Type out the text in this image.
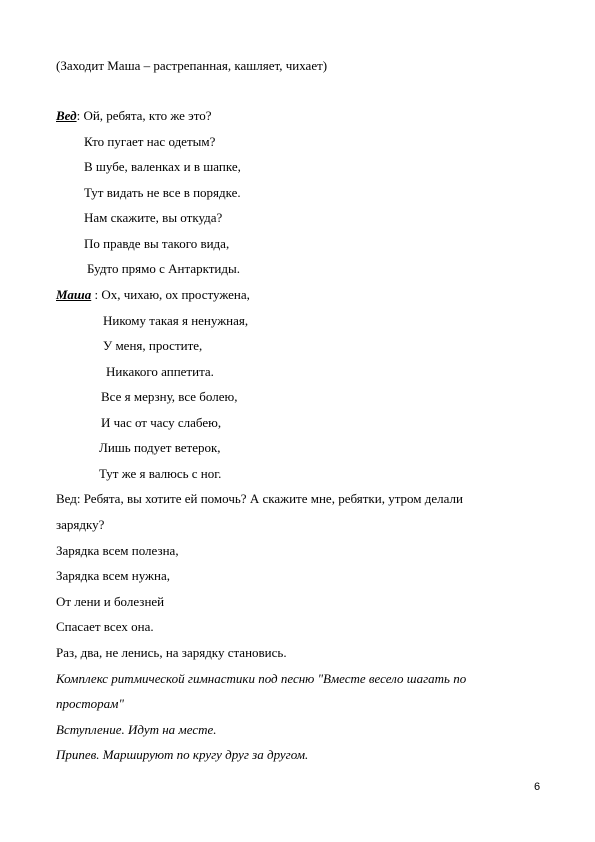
(Заходит Маша – растрепанная, кашляет, чихает)
Вед: Ой, ребята, кто же это?
Кто пугает нас одетым?
В шубе, валенках и в шапке,
Тут видать не все в порядке.
Нам скажите, вы откуда?
По правде вы такого вида,
Будто прямо с Антарктиды.
Маша : Ох, чихаю, ох простужена,
Никому такая я ненужная,
У меня, простите,
Никакого аппетита.
Все я мерзну, все болею,
И час от часу слабею,
Лишь подует ветерок,
Тут же я валюсь с ног.
Вед: Ребята, вы хотите ей помочь? А скажите мне, ребятки, утром делали
зарядку?
Зарядка всем полезна,
Зарядка всем нужна,
От лени и болезней
Спасает всех она.
Раз, два, не ленись, на зарядку становись.
Комплекс ритмической гимнастики под песню "Вместе весело шагать по
просторам"
Вступление. Идут на месте.
Припев. Маршируют по кругу друг за другом.
6
